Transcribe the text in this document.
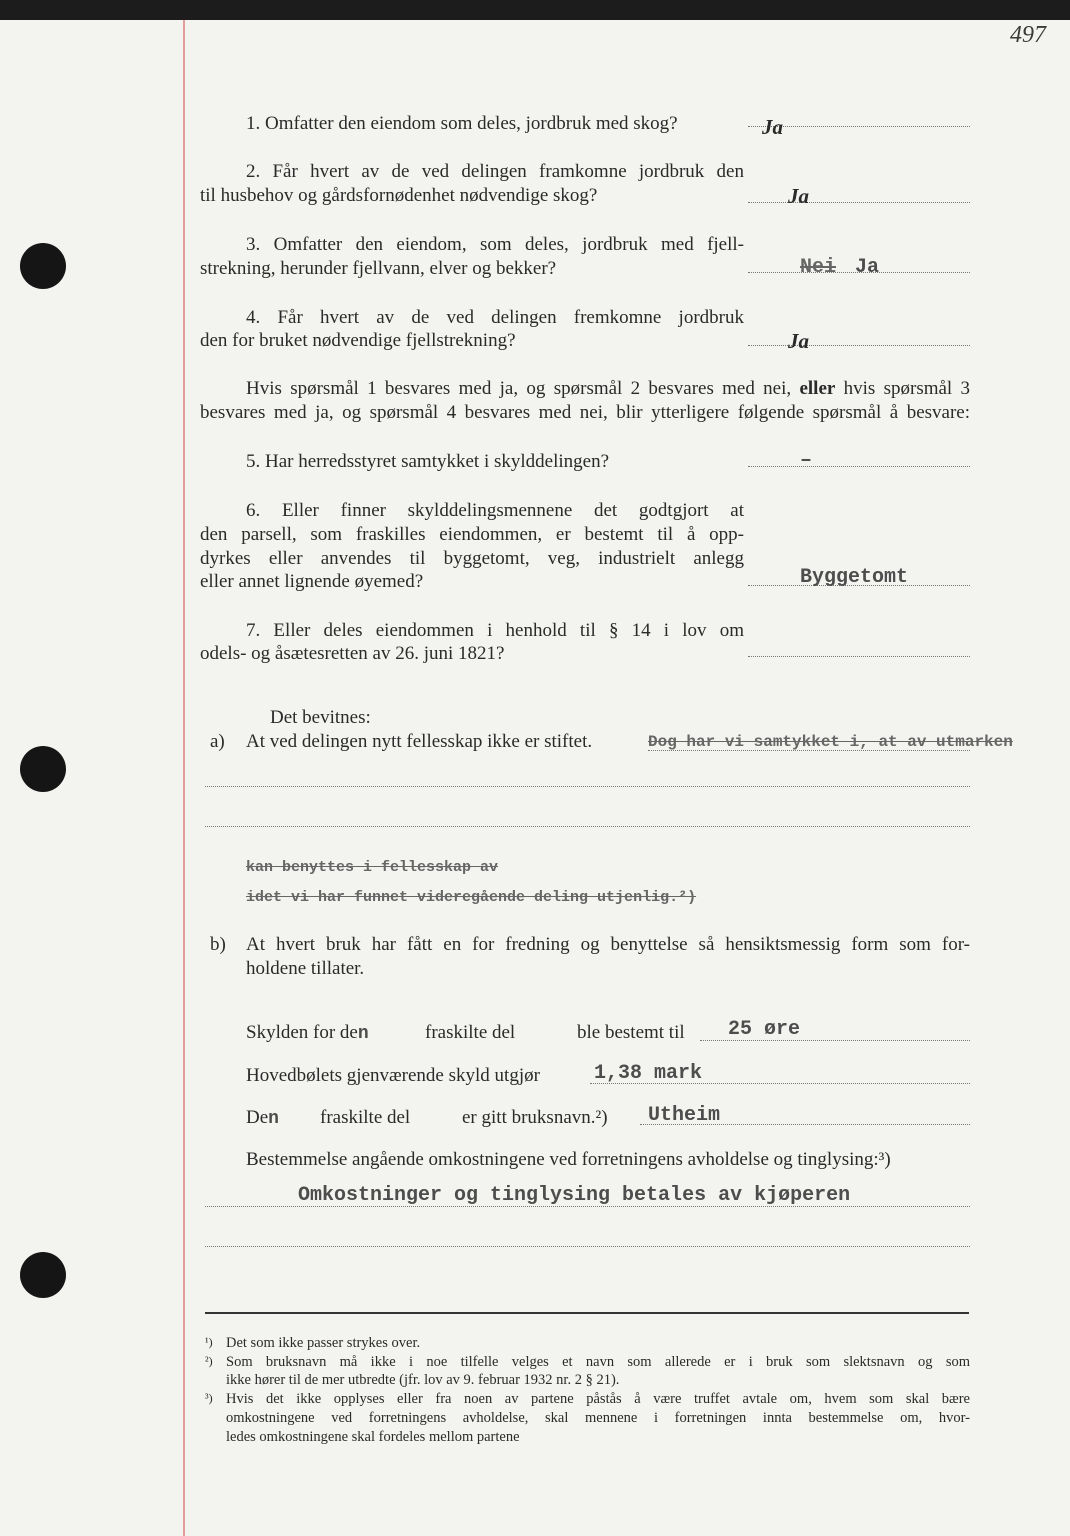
497
1. Omfatter den eiendom som deles, jordbruk med skog?	Ja
2. Får hvert av de ved delingen framkomne jordbruk den
til husbehov og gårdsfornødenhet nødvendige skog?	Ja
3. Omfatter den eiendom, som deles, jordbruk med fjell-
strekning, herunder fjellvann, elver og bekker?	Nei Ja
4. Får hvert av de ved delingen fremkomne jordbruk
den for bruket nødvendige fjellstrekning?	Ja
Hvis spørsmål 1 besvares med ja, og spørsmål 2 besvares med nei, eller hvis spørsmål 3
besvares med ja, og spørsmål 4 besvares med nei, blir ytterligere følgende spørsmål å besvare:
5. Har herredsstyret samtykket i skylddelingen?	–
6. Eller finner skylddelingsmennene det godtgjort at
den parsell, som fraskilles eiendommen, er bestemt til å opp-
dyrkes eller anvendes til byggetomt, veg, industrielt anlegg
eller annet lignende øyemed?	Byggetomt
7. Eller deles eiendommen i henhold til § 14 i lov om
odels- og åsætesretten av 26. juni 1821?
Det bevitnes:
a) At ved delingen nytt fellesskap ikke er stiftet.	Dog har vi samtykket i, at av utmarken
kan benyttes i fellesskap av
idet vi har funnet videregående deling utjenlig.²)
b) At hvert bruk har fått en for fredning og benyttelse så hensiktsmessig form som for-
holdene tillater.
Skylden for den	fraskilte del	ble bestemt til 25 øre
Hovedbølets gjenværende skyld utgjør	1,38 mark
Den fraskilte del	er gitt bruksnavn.²) Utheim
Bestemmelse angående omkostningene ved forretningens avholdelse og tinglysing:³)
Omkostninger og tinglysing betales av kjøperen
¹) Det som ikke passer strykes over.
²) Som bruksnavn må ikke i noe tilfelle velges et navn som allerede er i bruk som slektsnavn og som
ikke hører til de mer utbredte (jfr. lov av 9. februar 1932 nr. 2 § 21).
³) Hvis det ikke opplyses eller fra noen av partene påstås å være truffet avtale om, hvem som skal bære
omkostningene ved forretningens avholdelse, skal mennene i forretningen innta bestemmelse om, hvor-
ledes omkostningene skal fordeles mellom partene
